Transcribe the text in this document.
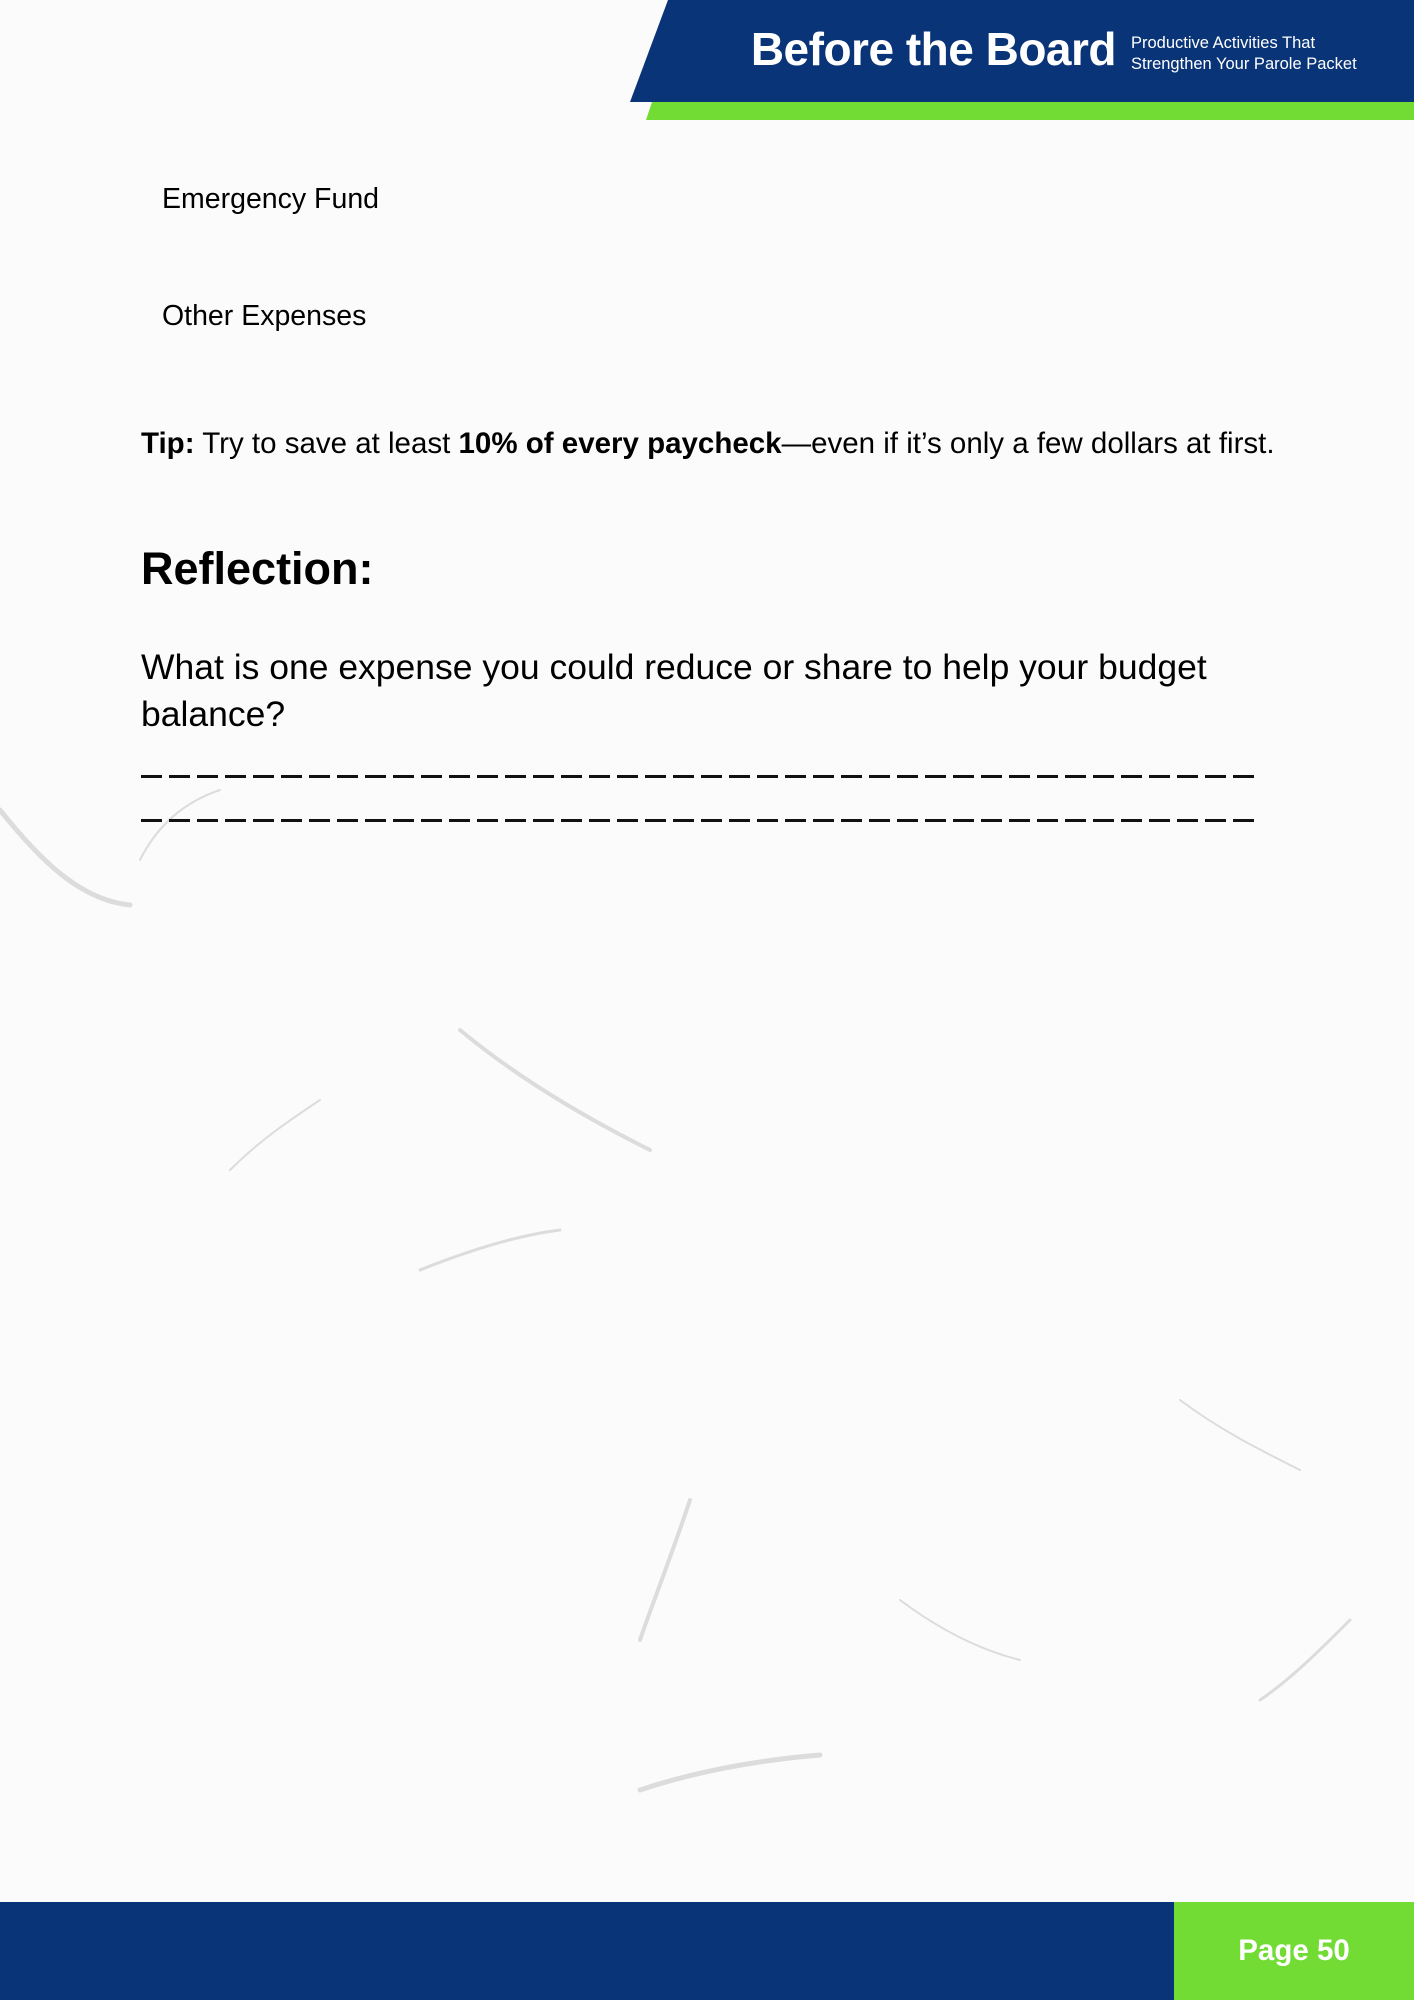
Before the Board Productive Activities That
Strengthen Your Parole Packet
Emergency Fund
Other Expenses
Tip: Try to save at least 10% of every paycheck—even if it’s only a few dollars at first.
Reflection:
What is one expense you could reduce or share to help your budget balance?
Page 50
